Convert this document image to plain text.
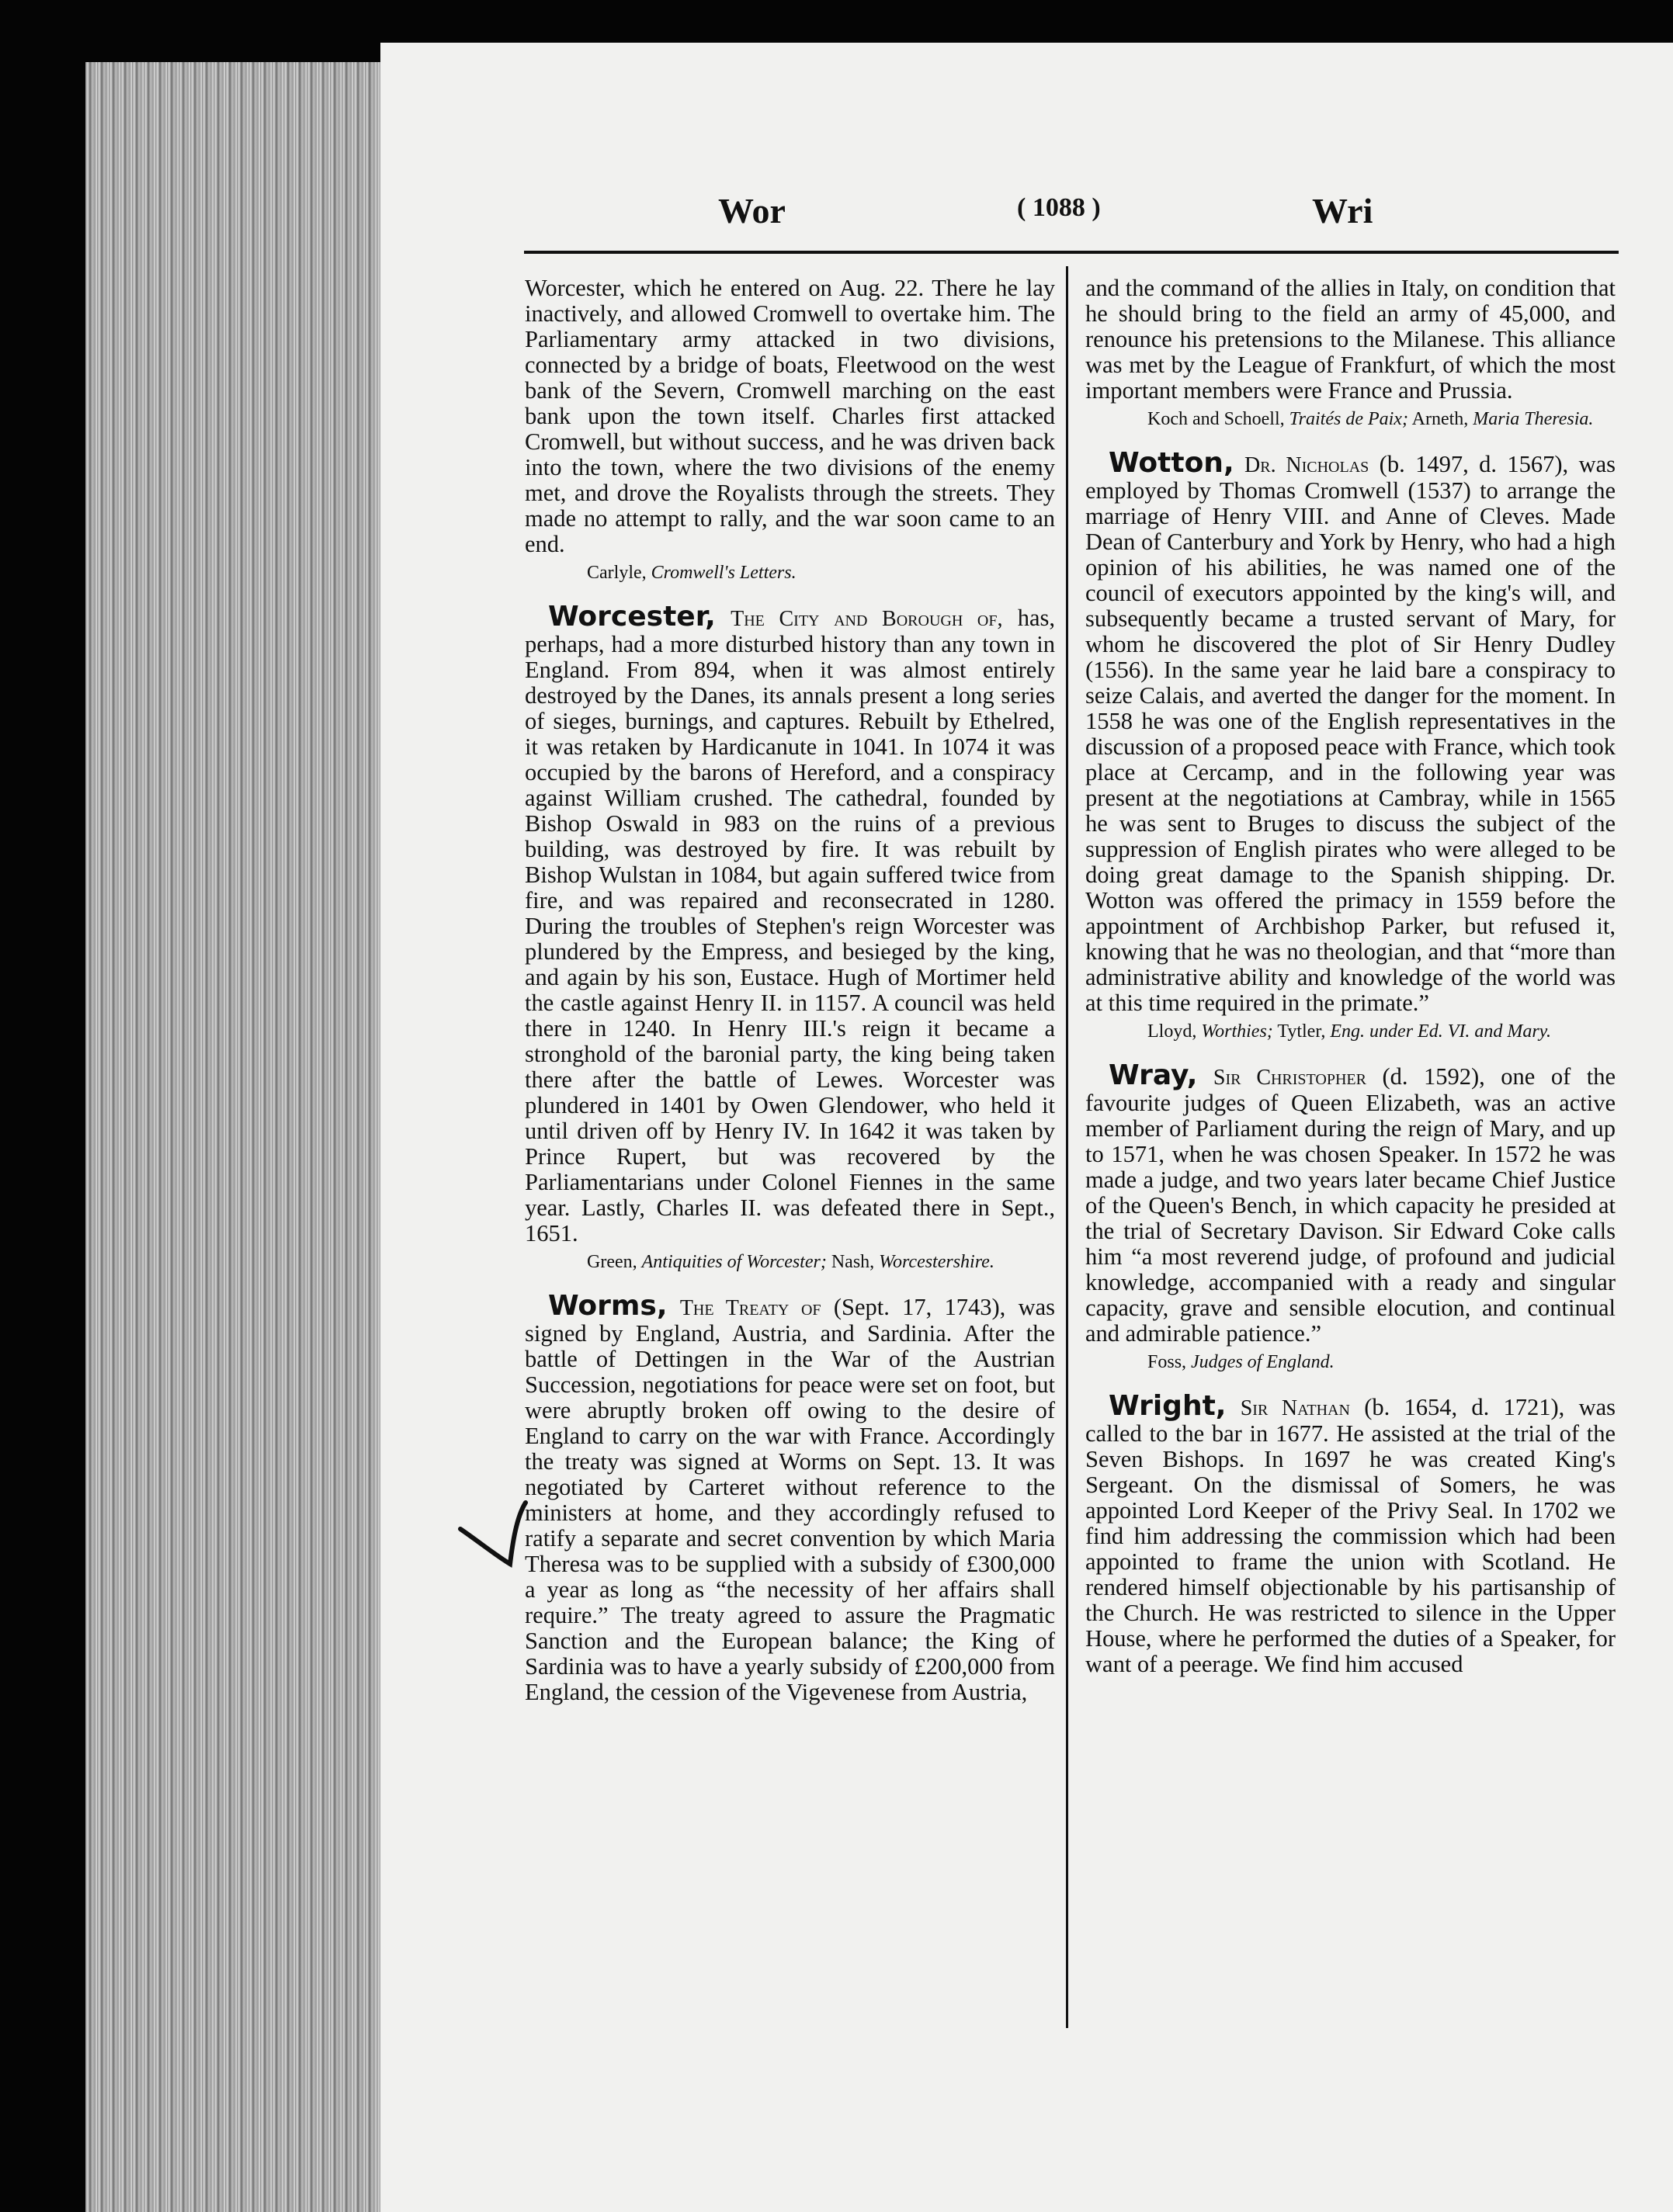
Wor	( 1088 )	Wri

Worcester, which he entered on Aug. 22. There he lay inactively, and allowed Cromwell to overtake him. The Parliamentary army attacked in two divisions, connected by a bridge of boats, Fleetwood on the west bank of the Severn, Cromwell marching on the east bank upon the town itself. Charles first attacked Cromwell, but without success, and he was driven back into the town, where the two divisions of the enemy met, and drove the Royalists through the streets. They made no attempt to rally, and the war soon came to an end.

Carlyle, Cromwell's Letters.

Worcester, The City and Borough of, has, perhaps, had a more disturbed history than any town in England. From 894, when it was almost entirely destroyed by the Danes, its annals present a long series of sieges, burnings, and captures. Rebuilt by Ethelred, it was retaken by Hardicanute in 1041. In 1074 it was occupied by the barons of Hereford, and a conspiracy against William crushed. The cathedral, founded by Bishop Oswald in 983 on the ruins of a previous building, was destroyed by fire. It was rebuilt by Bishop Wulstan in 1084, but again suffered twice from fire, and was repaired and reconsecrated in 1280. During the troubles of Stephen's reign Worcester was plundered by the Empress, and besieged by the king, and again by his son, Eustace. Hugh of Mortimer held the castle against Henry II. in 1157. A council was held there in 1240. In Henry III.'s reign it became a stronghold of the baronial party, the king being taken there after the battle of Lewes. Worcester was plundered in 1401 by Owen Glendower, who held it until driven off by Henry IV. In 1642 it was taken by Prince Rupert, but was recovered by the Parliamentarians under Colonel Fiennes in the same year. Lastly, Charles II. was defeated there in Sept., 1651.

Green, Antiquities of Worcester; Nash, Worcestershire.

Worms, The Treaty of (Sept. 17, 1743), was signed by England, Austria, and Sardinia. After the battle of Dettingen in the War of the Austrian Succession, negotiations for peace were set on foot, but were abruptly broken off owing to the desire of England to carry on the war with France. Accordingly the treaty was signed at Worms on Sept. 13. It was negotiated by Carteret without reference to the ministers at home, and they accordingly refused to ratify a separate and secret convention by which Maria Theresa was to be supplied with a subsidy of £300,000 a year as long as “the necessity of her affairs shall require.” The treaty agreed to assure the Pragmatic Sanction and the European balance; the King of Sardinia was to have a yearly subsidy of £200,000 from England, the cession of the Vigevenese from Austria,

and the command of the allies in Italy, on condition that he should bring to the field an army of 45,000, and renounce his pretensions to the Milanese. This alliance was met by the League of Frankfurt, of which the most important members were France and Prussia.

Koch and Schoell, Traités de Paix; Arneth, Maria Theresia.

Wotton, Dr. Nicholas (b. 1497, d. 1567), was employed by Thomas Cromwell (1537) to arrange the marriage of Henry VIII. and Anne of Cleves. Made Dean of Canterbury and York by Henry, who had a high opinion of his abilities, he was named one of the council of executors appointed by the king's will, and subsequently became a trusted servant of Mary, for whom he discovered the plot of Sir Henry Dudley (1556). In the same year he laid bare a conspiracy to seize Calais, and averted the danger for the moment. In 1558 he was one of the English representatives in the discussion of a proposed peace with France, which took place at Cercamp, and in the following year was present at the negotiations at Cambray, while in 1565 he was sent to Bruges to discuss the subject of the suppression of English pirates who were alleged to be doing great damage to the Spanish shipping. Dr. Wotton was offered the primacy in 1559 before the appointment of Archbishop Parker, but refused it, knowing that he was no theologian, and that “more than administrative ability and knowledge of the world was at this time required in the primate.”

Lloyd, Worthies; Tytler, Eng. under Ed. VI. and Mary.

Wray, Sir Christopher (d. 1592), one of the favourite judges of Queen Elizabeth, was an active member of Parliament during the reign of Mary, and up to 1571, when he was chosen Speaker. In 1572 he was made a judge, and two years later became Chief Justice of the Queen's Bench, in which capacity he presided at the trial of Secretary Davison. Sir Edward Coke calls him “a most reverend judge, of profound and judicial knowledge, accompanied with a ready and singular capacity, grave and sensible elocution, and continual and admirable patience.”

Foss, Judges of England.

Wright, Sir Nathan (b. 1654, d. 1721), was called to the bar in 1677. He assisted at the trial of the Seven Bishops. In 1697 he was created King's Sergeant. On the dismissal of Somers, he was appointed Lord Keeper of the Privy Seal. In 1702 we find him addressing the commission which had been appointed to frame the union with Scotland. He rendered himself objectionable by his partisanship of the Church. He was restricted to silence in the Upper House, where he performed the duties of a Speaker, for want of a peerage. We find him accused
